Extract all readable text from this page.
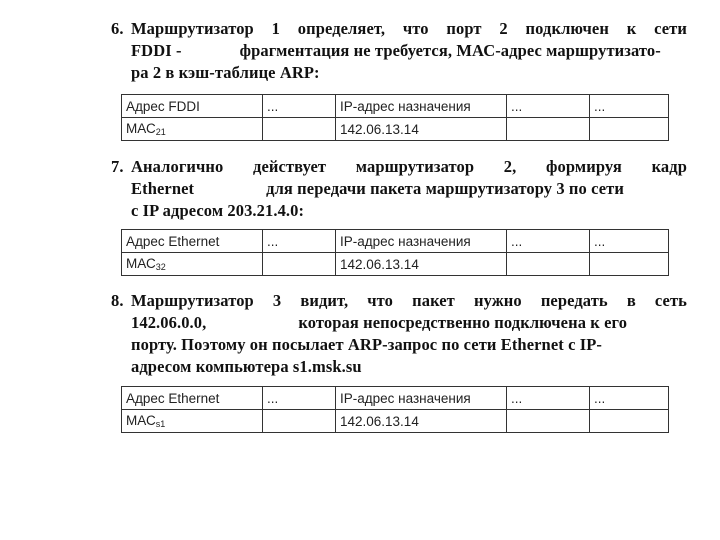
6. Маршрутизатор 1 определяет, что порт 2 подключен к сети
FDDI -	фрагментация не требуется, МАС-адрес маршрутизато-
ра 2 в кэш-таблице ARP:
Адрес FDDI	...	IP-адрес назначения	...	...
$МАС_{21}$		142.06.13.14		
7. Аналогично действует маршрутизатор 2, формируя кадр
Ethernet	для передачи пакета маршрутизатору 3 по сети
с IP адресом 203.21.4.0:
Адрес Ethernet	...	IP-адрес назначения	...	...
$МАС_{32}$		142.06.13.14		
8. Маршрутизатор 3 видит, что пакет нужно передать в сеть
142.06.0.0,	которая непосредственно подключена к его
порту. Поэтому он посылает ARP-запрос по сети Ethernet с IP-
адресом компьютера s1.msk.su
Адрес Ethernet	...	IP-адрес назначения	...	...
$МАС_{s1}$		142.06.13.14		
